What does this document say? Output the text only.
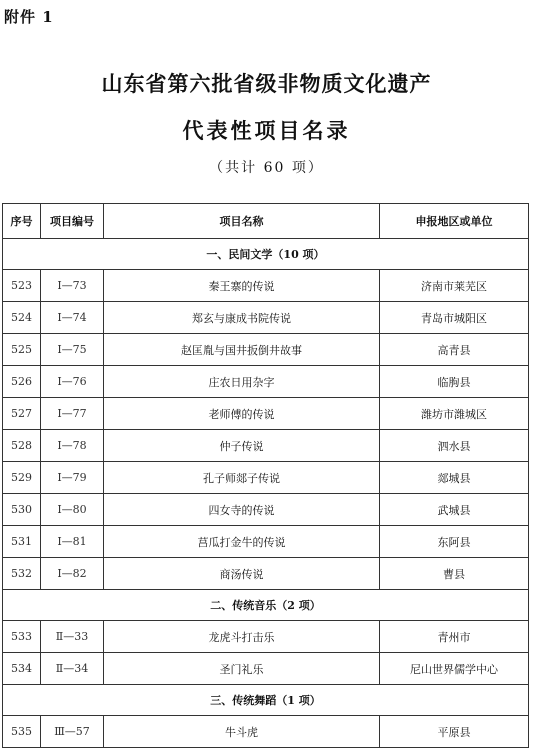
附件 1
山东省第六批省级非物质文化遗产
代表性项目名录
（共计 60 项）
序号	项目编号	项目名称	申报地区或单位
一、民间文学（10 项）			
523	Ⅰ—73	秦王寨的传说	济南市莱芜区
524	Ⅰ—74	郑玄与康成书院传说	青岛市城阳区
525	Ⅰ—75	赵匡胤与国井扳倒井故事	高青县
526	Ⅰ—76	庄农日用杂字	临朐县
527	Ⅰ—77	老师傅的传说	潍坊市潍城区
528	Ⅰ—78	仲子传说	泗水县
529	Ⅰ—79	孔子师郯子传说	郯城县
530	Ⅰ—80	四女寺的传说	武城县
531	Ⅰ—81	莒瓜打金牛的传说	东阿县
532	Ⅰ—82	商汤传说	曹县
二、传统音乐（2 项）			
533	Ⅱ—33	龙虎斗打击乐	青州市
534	Ⅱ—34	圣门礼乐	尼山世界儒学中心
三、传统舞蹈（1 项）			
535	Ⅲ—57	牛斗虎	平原县
